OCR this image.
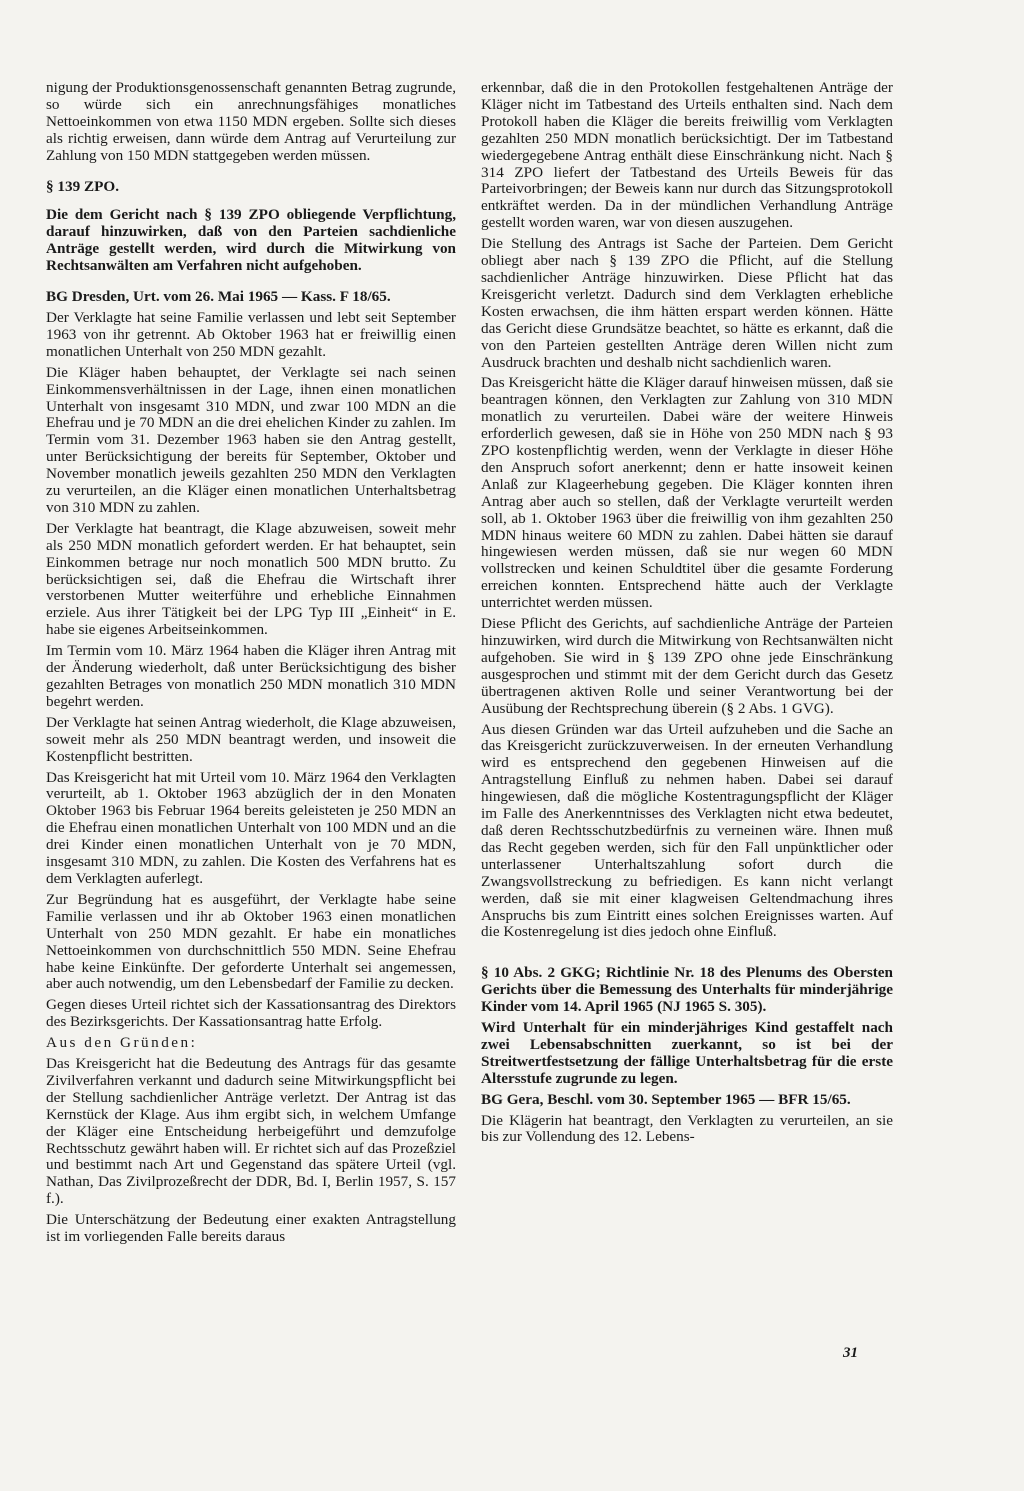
nigung der Produktionsgenossenschaft genannten Betrag zugrunde, so würde sich ein anrechnungsfähiges monatliches Nettoeinkommen von etwa 1150 MDN ergeben. Sollte sich dieses als richtig erweisen, dann würde dem Antrag auf Verurteilung zur Zahlung von 150 MDN stattgegeben werden müssen.

§ 139 ZPO.

Die dem Gericht nach § 139 ZPO obliegende Verpflichtung, darauf hinzuwirken, daß von den Parteien sachdienliche Anträge gestellt werden, wird durch die Mitwirkung von Rechtsanwälten am Verfahren nicht aufgehoben.

BG Dresden, Urt. vom 26. Mai 1965 — Kass. F 18/65.

Der Verklagte hat seine Familie verlassen und lebt seit September 1963 von ihr getrennt. Ab Oktober 1963 hat er freiwillig einen monatlichen Unterhalt von 250 MDN gezahlt.

Die Kläger haben behauptet, der Verklagte sei nach seinen Einkommensverhältnissen in der Lage, ihnen einen monatlichen Unterhalt von insgesamt 310 MDN, und zwar 100 MDN an die Ehefrau und je 70 MDN an die drei ehelichen Kinder zu zahlen. Im Termin vom 31. Dezember 1963 haben sie den Antrag gestellt, unter Berücksichtigung der bereits für September, Oktober und November monatlich jeweils gezahlten 250 MDN den Verklagten zu verurteilen, an die Kläger einen monatlichen Unterhaltsbetrag von 310 MDN zu zahlen.

Der Verklagte hat beantragt, die Klage abzuweisen, soweit mehr als 250 MDN monatlich gefordert werden. Er hat behauptet, sein Einkommen betrage nur noch monatlich 500 MDN brutto. Zu berücksichtigen sei, daß die Ehefrau die Wirtschaft ihrer verstorbenen Mutter weiterführe und erhebliche Einnahmen erziele. Aus ihrer Tätigkeit bei der LPG Typ III „Einheit“ in E. habe sie eigenes Arbeitseinkommen.

Im Termin vom 10. März 1964 haben die Kläger ihren Antrag mit der Änderung wiederholt, daß unter Berücksichtigung des bisher gezahlten Betrages von monatlich 250 MDN monatlich 310 MDN begehrt werden.

Der Verklagte hat seinen Antrag wiederholt, die Klage abzuweisen, soweit mehr als 250 MDN beantragt werden, und insoweit die Kostenpflicht bestritten.

Das Kreisgericht hat mit Urteil vom 10. März 1964 den Verklagten verurteilt, ab 1. Oktober 1963 abzüglich der in den Monaten Oktober 1963 bis Februar 1964 bereits geleisteten je 250 MDN an die Ehefrau einen monatlichen Unterhalt von 100 MDN und an die drei Kinder einen monatlichen Unterhalt von je 70 MDN, insgesamt 310 MDN, zu zahlen. Die Kosten des Verfahrens hat es dem Verklagten auferlegt.

Zur Begründung hat es ausgeführt, der Verklagte habe seine Familie verlassen und ihr ab Oktober 1963 einen monatlichen Unterhalt von 250 MDN gezahlt. Er habe ein monatliches Nettoeinkommen von durchschnittlich 550 MDN. Seine Ehefrau habe keine Einkünfte. Der geforderte Unterhalt sei angemessen, aber auch notwendig, um den Lebensbedarf der Familie zu decken.

Gegen dieses Urteil richtet sich der Kassationsantrag des Direktors des Bezirksgerichts. Der Kassationsantrag hatte Erfolg.

Aus den Gründen:

Das Kreisgericht hat die Bedeutung des Antrags für das gesamte Zivilverfahren verkannt und dadurch seine Mitwirkungspflicht bei der Stellung sachdienlicher Anträge verletzt. Der Antrag ist das Kernstück der Klage. Aus ihm ergibt sich, in welchem Umfange der Kläger eine Entscheidung herbeigeführt und demzufolge Rechtsschutz gewährt haben will. Er richtet sich auf das Prozeßziel und bestimmt nach Art und Gegenstand das spätere Urteil (vgl. Nathan, Das Zivilprozeßrecht der DDR, Bd. I, Berlin 1957, S. 157 f.).

Die Unterschätzung der Bedeutung einer exakten Antragstellung ist im vorliegenden Falle bereits daraus

erkennbar, daß die in den Protokollen festgehaltenen Anträge der Kläger nicht im Tatbestand des Urteils enthalten sind. Nach dem Protokoll haben die Kläger die bereits freiwillig vom Verklagten gezahlten 250 MDN monatlich berücksichtigt. Der im Tatbestand wiedergegebene Antrag enthält diese Einschränkung nicht. Nach § 314 ZPO liefert der Tatbestand des Urteils Beweis für das Parteivorbringen; der Beweis kann nur durch das Sitzungsprotokoll entkräftet werden. Da in der mündlichen Verhandlung Anträge gestellt worden waren, war von diesen auszugehen.

Die Stellung des Antrags ist Sache der Parteien. Dem Gericht obliegt aber nach § 139 ZPO die Pflicht, auf die Stellung sachdienlicher Anträge hinzuwirken. Diese Pflicht hat das Kreisgericht verletzt. Dadurch sind dem Verklagten erhebliche Kosten erwachsen, die ihm hätten erspart werden können. Hätte das Gericht diese Grundsätze beachtet, so hätte es erkannt, daß die von den Parteien gestellten Anträge deren Willen nicht zum Ausdruck brachten und deshalb nicht sachdienlich waren.

Das Kreisgericht hätte die Kläger darauf hinweisen müssen, daß sie beantragen können, den Verklagten zur Zahlung von 310 MDN monatlich zu verurteilen. Dabei wäre der weitere Hinweis erforderlich gewesen, daß sie in Höhe von 250 MDN nach § 93 ZPO kostenpflichtig werden, wenn der Verklagte in dieser Höhe den Anspruch sofort anerkennt; denn er hatte insoweit keinen Anlaß zur Klageerhebung gegeben. Die Kläger konnten ihren Antrag aber auch so stellen, daß der Verklagte verurteilt werden soll, ab 1. Oktober 1963 über die freiwillig von ihm gezahlten 250 MDN hinaus weitere 60 MDN zu zahlen. Dabei hätten sie darauf hingewiesen werden müssen, daß sie nur wegen 60 MDN vollstrecken und keinen Schuldtitel über die gesamte Forderung erreichen konnten. Entsprechend hätte auch der Verklagte unterrichtet werden müssen.

Diese Pflicht des Gerichts, auf sachdienliche Anträge der Parteien hinzuwirken, wird durch die Mitwirkung von Rechtsanwälten nicht aufgehoben. Sie wird in § 139 ZPO ohne jede Einschränkung ausgesprochen und stimmt mit der dem Gericht durch das Gesetz übertragenen aktiven Rolle und seiner Verantwortung bei der Ausübung der Rechtsprechung überein (§ 2 Abs. 1 GVG).

Aus diesen Gründen war das Urteil aufzuheben und die Sache an das Kreisgericht zurückzuverweisen. In der erneuten Verhandlung wird es entsprechend den gegebenen Hinweisen auf die Antragstellung Einfluß zu nehmen haben. Dabei sei darauf hingewiesen, daß die mögliche Kostentragungspflicht der Kläger im Falle des Anerkenntnisses des Verklagten nicht etwa bedeutet, daß deren Rechtsschutzbedürfnis zu verneinen wäre. Ihnen muß das Recht gegeben werden, sich für den Fall unpünktlicher oder unterlassener Unterhaltszahlung sofort durch die Zwangsvollstreckung zu befriedigen. Es kann nicht verlangt werden, daß sie mit einer klagweisen Geltendmachung ihres Anspruchs bis zum Eintritt eines solchen Ereignisses warten. Auf die Kostenregelung ist dies jedoch ohne Einfluß.

§ 10 Abs. 2 GKG; Richtlinie Nr. 18 des Plenums des Obersten Gerichts über die Bemessung des Unterhalts für minderjährige Kinder vom 14. April 1965 (NJ 1965 S. 305).

Wird Unterhalt für ein minderjähriges Kind gestaffelt nach zwei Lebensabschnitten zuerkannt, so ist bei der Streitwertfestsetzung der fällige Unterhaltsbetrag für die erste Altersstufe zugrunde zu legen.

BG Gera, Beschl. vom 30. September 1965 — BFR 15/65.

Die Klägerin hat beantragt, den Verklagten zu verurteilen, an sie bis zur Vollendung des 12. Lebens-

31
